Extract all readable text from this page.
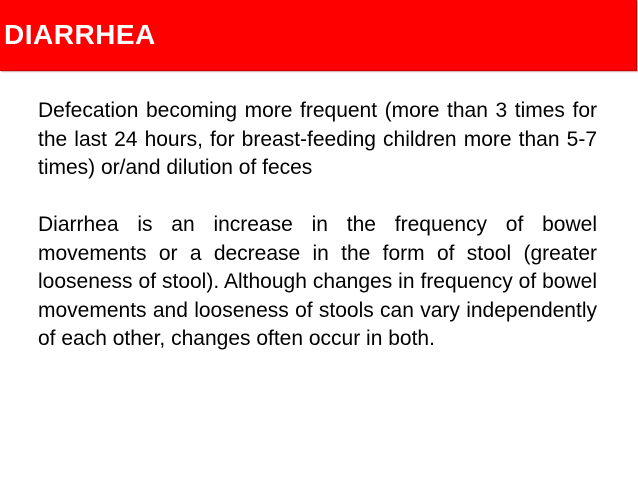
DIARRHEA

Defecation becoming more frequent (more than 3 times for the last 24 hours, for breast-feeding children more than 5-7 times) or/and dilution of feces

Diarrhea is an increase in the frequency of bowel movements or a decrease in the form of stool (greater looseness of stool). Although changes in frequency of bowel movements and looseness of stools can vary independently of each other, changes often occur in both.
